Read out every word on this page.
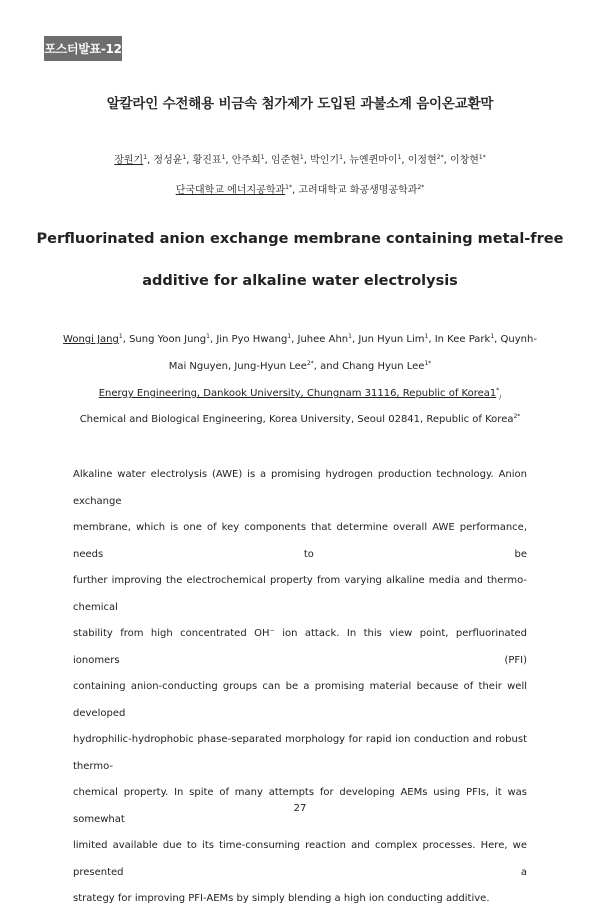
포스터발표-12
알칼라인 수전해용 비금속 첨가제가 도입된 과불소계 음이온교환막
장원기$^1$, 정성윤$^1$, 황진표$^1$, 안주희$^1$, 임준현$^1$, 박인기$^1$, 뉴옌퀸마이$^1$, 이정현$^{2*}$, 이창현$^{1*}$
단국대학교 에너지공학과$^{1*}$, 고려대학교 화공생명공학과$^{2*}$
Perfluorinated anion exchange membrane containing metal-free
additive for alkaline water electrolysis
Wongi Jang$^1$, Sung Yoon Jung$^1$, Jin Pyo Hwang$^1$, Juhee Ahn$^1$, Jun Hyun Lim$^1$, In Kee Park$^1$, Quynh-
Mai Nguyen, Jung-Hyun Lee$^{2*}$, and Chang Hyun Lee$^{1*}$
Energy Engineering, Dankook University, Chungnam 31116, Republic of $Korea1^*_/$
Chemical and Biological Engineering, Korea University, Seoul 02841, Republic of Korea$^{2*}$

Alkaline water electrolysis (AWE) is a promising hydrogen production technology. Anion exchange
membrane, which is one of key components that determine overall AWE performance, needs to be
further improving the electrochemical property from varying alkaline media and thermo-chemical
stability from high concentrated OH⁻ ion attack. In this view point, perfluorinated ionomers (PFI)
containing anion-conducting groups can be a promising material because of their well developed
hydrophilic-hydrophobic phase-separated morphology for rapid ion conduction and robust thermo-
chemical property. In spite of many attempts for developing AEMs using PFIs, it was somewhat
limited available due to its time-consuming reaction and complex processes. Here, we presented a
strategy for improving PFI-AEMs by simply blending a high ion conducting additive.

27
